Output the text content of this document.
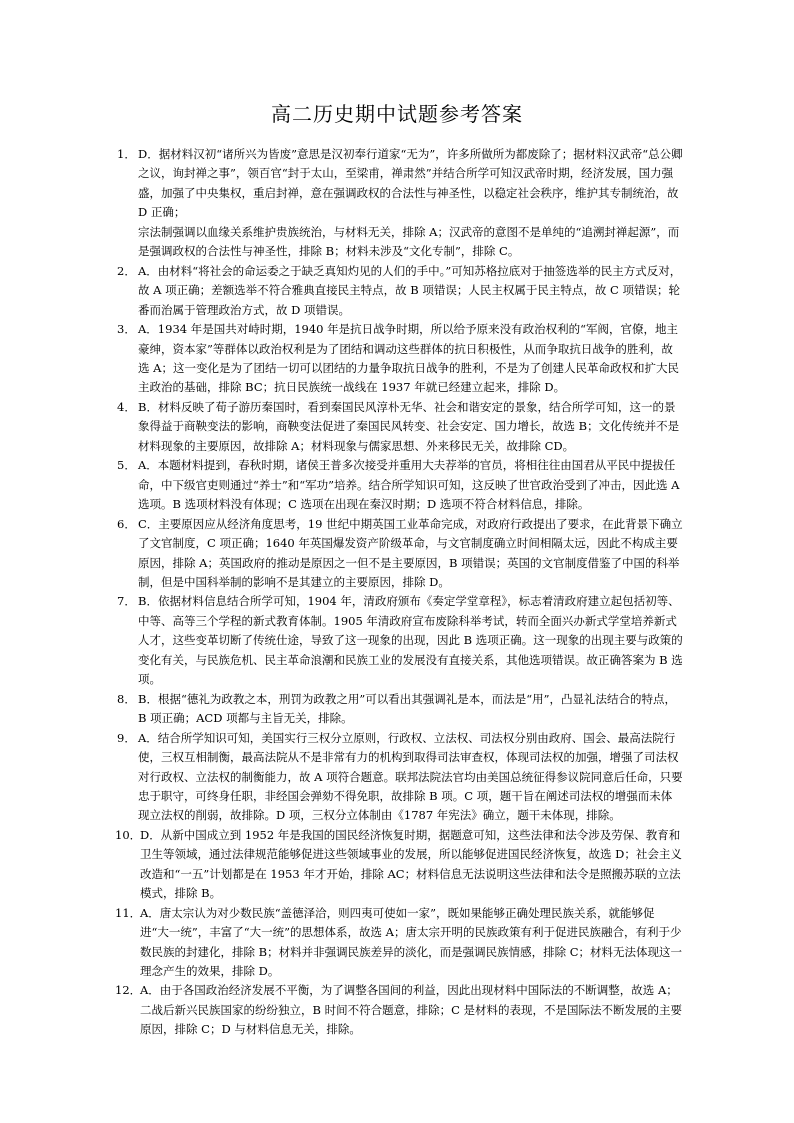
高二历史期中试题参考答案
1． D．据材料汉初“诸所兴为皆废”意思是汉初奉行道家“无为”，许多所做所为都废除了；据材料汉武帝“总公卿之议，询封禅之事”，领百官“封于太山，至梁甫，禅肃然”并结合所学可知汉武帝时期，经济发展，国力强盛，加强了中央集权，重启封禅，意在强调政权的合法性与神圣性，以稳定社会秩序，维护其专制统治，故 D 正确；
宗法制强调以血缘关系维护贵族统治，与材料无关，排除 A；汉武帝的意图不是单纯的“追溯封禅起源”，而是强调政权的合法性与神圣性，排除 B；材料未涉及“文化专制”，排除 C。
2． A．由材料“将社会的命运委之于缺乏真知灼见的人们的手中。”可知苏格拉底对于抽签选举的民主方式反对，故 A 项正确；差额选举不符合雅典直接民主特点，故 B 项错误；人民主权属于民主特点，故 C 项错误；轮番而治属于管理政治方式，故 D 项错误。
3． A．1934 年是国共对峙时期，1940 年是抗日战争时期，所以给予原来没有政治权利的“军阀，官僚，地主豪绅，资本家”等群体以政治权利是为了团结和调动这些群体的抗日积极性，从而争取抗日战争的胜利，故选 A；这一变化是为了团结一切可以团结的力量争取抗日战争的胜利，不是为了创建人民革命政权和扩大民主政治的基础，排除 BC；抗日民族统一战线在 1937 年就已经建立起来，排除 D。
4． B．材料反映了荀子游历秦国时，看到秦国民风淳朴无华、社会和谐安定的景象，结合所学可知，这一的景象得益于商鞅变法的影响，商鞅变法促进了秦国民风转变、社会安定、国力增长，故选 B；文化传统并不是材料现象的主要原因，故排除 A；材料现象与儒家思想、外来移民无关，故排除 CD。
5． A．本题材料提到，春秋时期，诸侯王普多次接受并重用大夫荐举的官员，将相往往由国君从平民中提拔任命，中下级官吏则通过“养士”和“军功”培养。结合所学知识可知，这反映了世官政治受到了冲击，因此选 A 选项。B 选项材料没有体现；C 选项在出现在秦汉时期；D 选项不符合材料信息，排除。
6． C．主要原因应从经济角度思考，19 世纪中期英国工业革命完成，对政府行政提出了要求，在此背景下确立了文官制度，C 项正确；1640 年英国爆发资产阶级革命，与文官制度确立时间相隔太远，因此不构成主要原因，排除 A；英国政府的推动是原因之一但不是主要原因，B 项错误；英国的文官制度借鉴了中国的科举制，但是中国科举制的影响不是其建立的主要原因，排除 D。
7． B．依据材料信息结合所学可知，1904 年，清政府颁布《奏定学堂章程》，标志着清政府建立起包括初等、中等、高等三个学程的新式教育体制。1905 年清政府宣布废除科举考试，转而全面兴办新式学堂培养新式人才，这些变革切断了传统仕途，导致了这一现象的出现，因此 B 选项正确。这一现象的出现主要与政策的变化有关，与民族危机、民主革命浪潮和民族工业的发展没有直接关系，其他选项错误。故正确答案为 B 选项。
8． B．根据“德礼为政教之本，刑罚为政教之用”可以看出其强调礼是本，而法是“用”，凸显礼法结合的特点，B 项正确；ACD 项都与主旨无关，排除。
9． A．结合所学知识可知，美国实行三权分立原则，行政权、立法权、司法权分别由政府、国会、最高法院行使，三权互相制衡，最高法院从不是非常有力的机构到取得司法审查权，体现司法权的加强，增强了司法权对行政权、立法权的制衡能力，故 A 项符合题意。联邦法院法官均由美国总统征得参议院同意后任命，只要忠于职守，可终身任职，非经国会弹劾不得免职，故排除 B 项。C 项，题干旨在阐述司法权的增强而未体现立法权的削弱，故排除。D 项，三权分立体制由《1787 年宪法》确立，题干未体现，排除。
10．
D．从新中国成立到 1952 年是我国的国民经济恢复时期，据题意可知，这些法律和法令涉及劳保、教育和卫生等领域，通过法律规范能够促进这些领域事业的发展，所以能够促进国民经济恢复，故选 D；社会主义改造和“一五”计划都是在 1953 年才开始，排除 AC；材料信息无法说明这些法律和法令是照搬苏联的立法模式，排除 B。
11．
A．唐太宗认为对少数民族“盖德泽洽，则四夷可使如一家”，既如果能够正确处理民族关系，就能够促进“大一统”，丰富了“大一统”的思想体系，故选 A；唐太宗开明的民族政策有利于促进民族融合，有利于少数民族的封建化，排除 B；材料并非强调民族差异的淡化，而是强调民族情感，排除 C；材料无法体现这一理念产生的效果，排除 D。
12．
A．由于各国政治经济发展不平衡，为了调整各国间的利益，因此出现材料中国际法的不断调整，故选 A；二战后新兴民族国家的纷纷独立，B 时间不符合题意，排除；C 是材料的表现，不是国际法不断发展的主要原因，排除 C；D 与材料信息无关，排除。
